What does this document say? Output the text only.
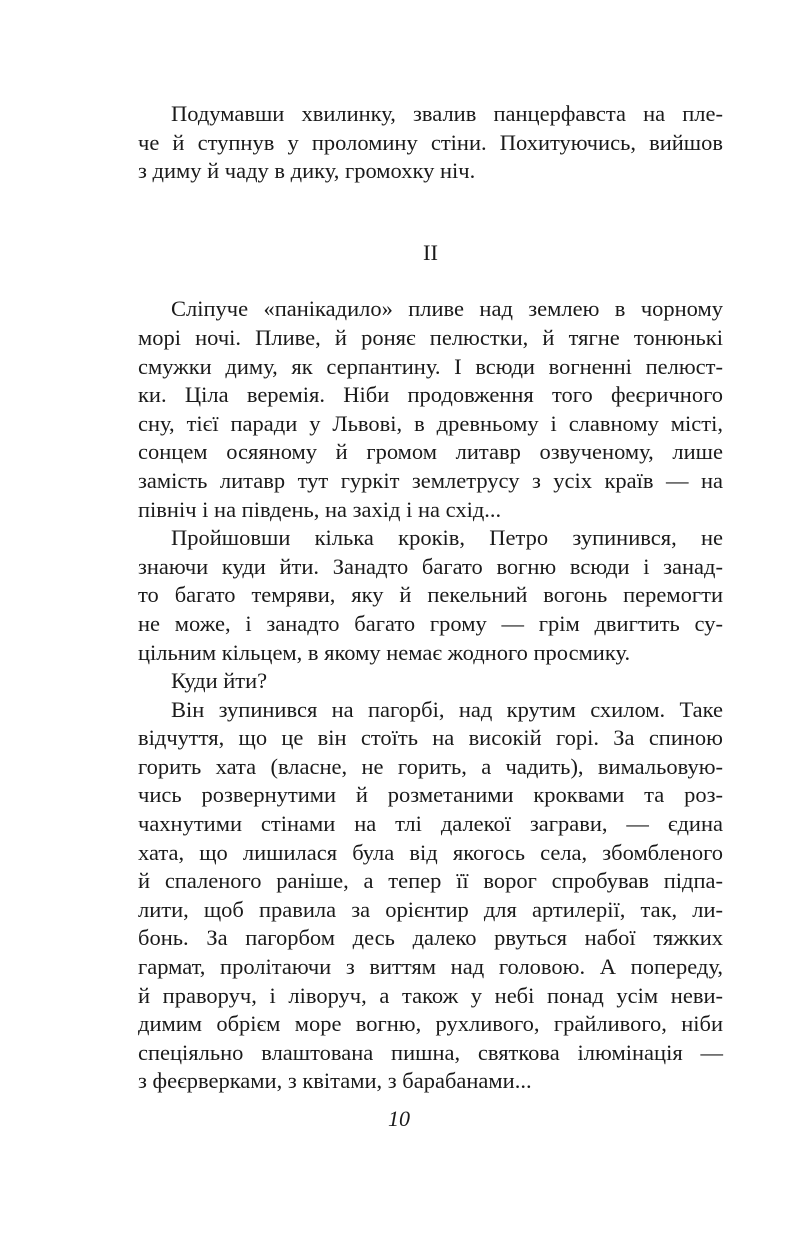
Подумавши хвилинку, звалив панцерфавста на пле-
че й ступнув у проломину стіни. Похитуючись, вийшов
з диму й чаду в дику, громохку ніч.
II
Сліпуче «панікадило» пливе над землею в чорному
морі ночі. Пливе, й роняє пелюстки, й тягне тонюнькі
смужки диму, як серпантину. І всюди вогненні пелюст-
ки. Ціла веремія. Ніби продовження того феєричного
сну, тієї паради у Львові, в древньому і славному місті,
сонцем осяяному й громом литавр озвученому, лише
замість литавр тут гуркіт землетрусу з усіх країв — на
північ і на південь, на захід і на схід...
Пройшовши кілька кроків, Петро зупинився, не
знаючи куди йти. Занадто багато вогню всюди і занад-
то багато темряви, яку й пекельний вогонь перемогти
не може, і занадто багато грому — грім двигтить су-
цільним кільцем, в якому немає жодного просмику.
Куди йти?
Він зупинився на пагорбі, над крутим схилом. Таке
відчуття, що це він стоїть на високій горі. За спиною
горить хата (власне, не горить, а чадить), вимальовую-
чись розвернутими й розметаними кроквами та роз-
чахнутими стінами на тлі далекої заграви, — єдина
хата, що лишилася була від якогось села, збомбленого
й спаленого раніше, а тепер її ворог спробував підпа-
лити, щоб правила за орієнтир для артилерії, так, ли-
бонь. За пагорбом десь далеко рвуться набої тяжких
гармат, пролітаючи з виттям над головою. А попереду,
й праворуч, і ліворуч, а також у небі понад усім неви-
димим обрієм море вогню, рухливого, грайливого, ніби
спеціяльно влаштована пишна, святкова ілюмінація —
з феєрверками, з квітами, з барабанами...
10
